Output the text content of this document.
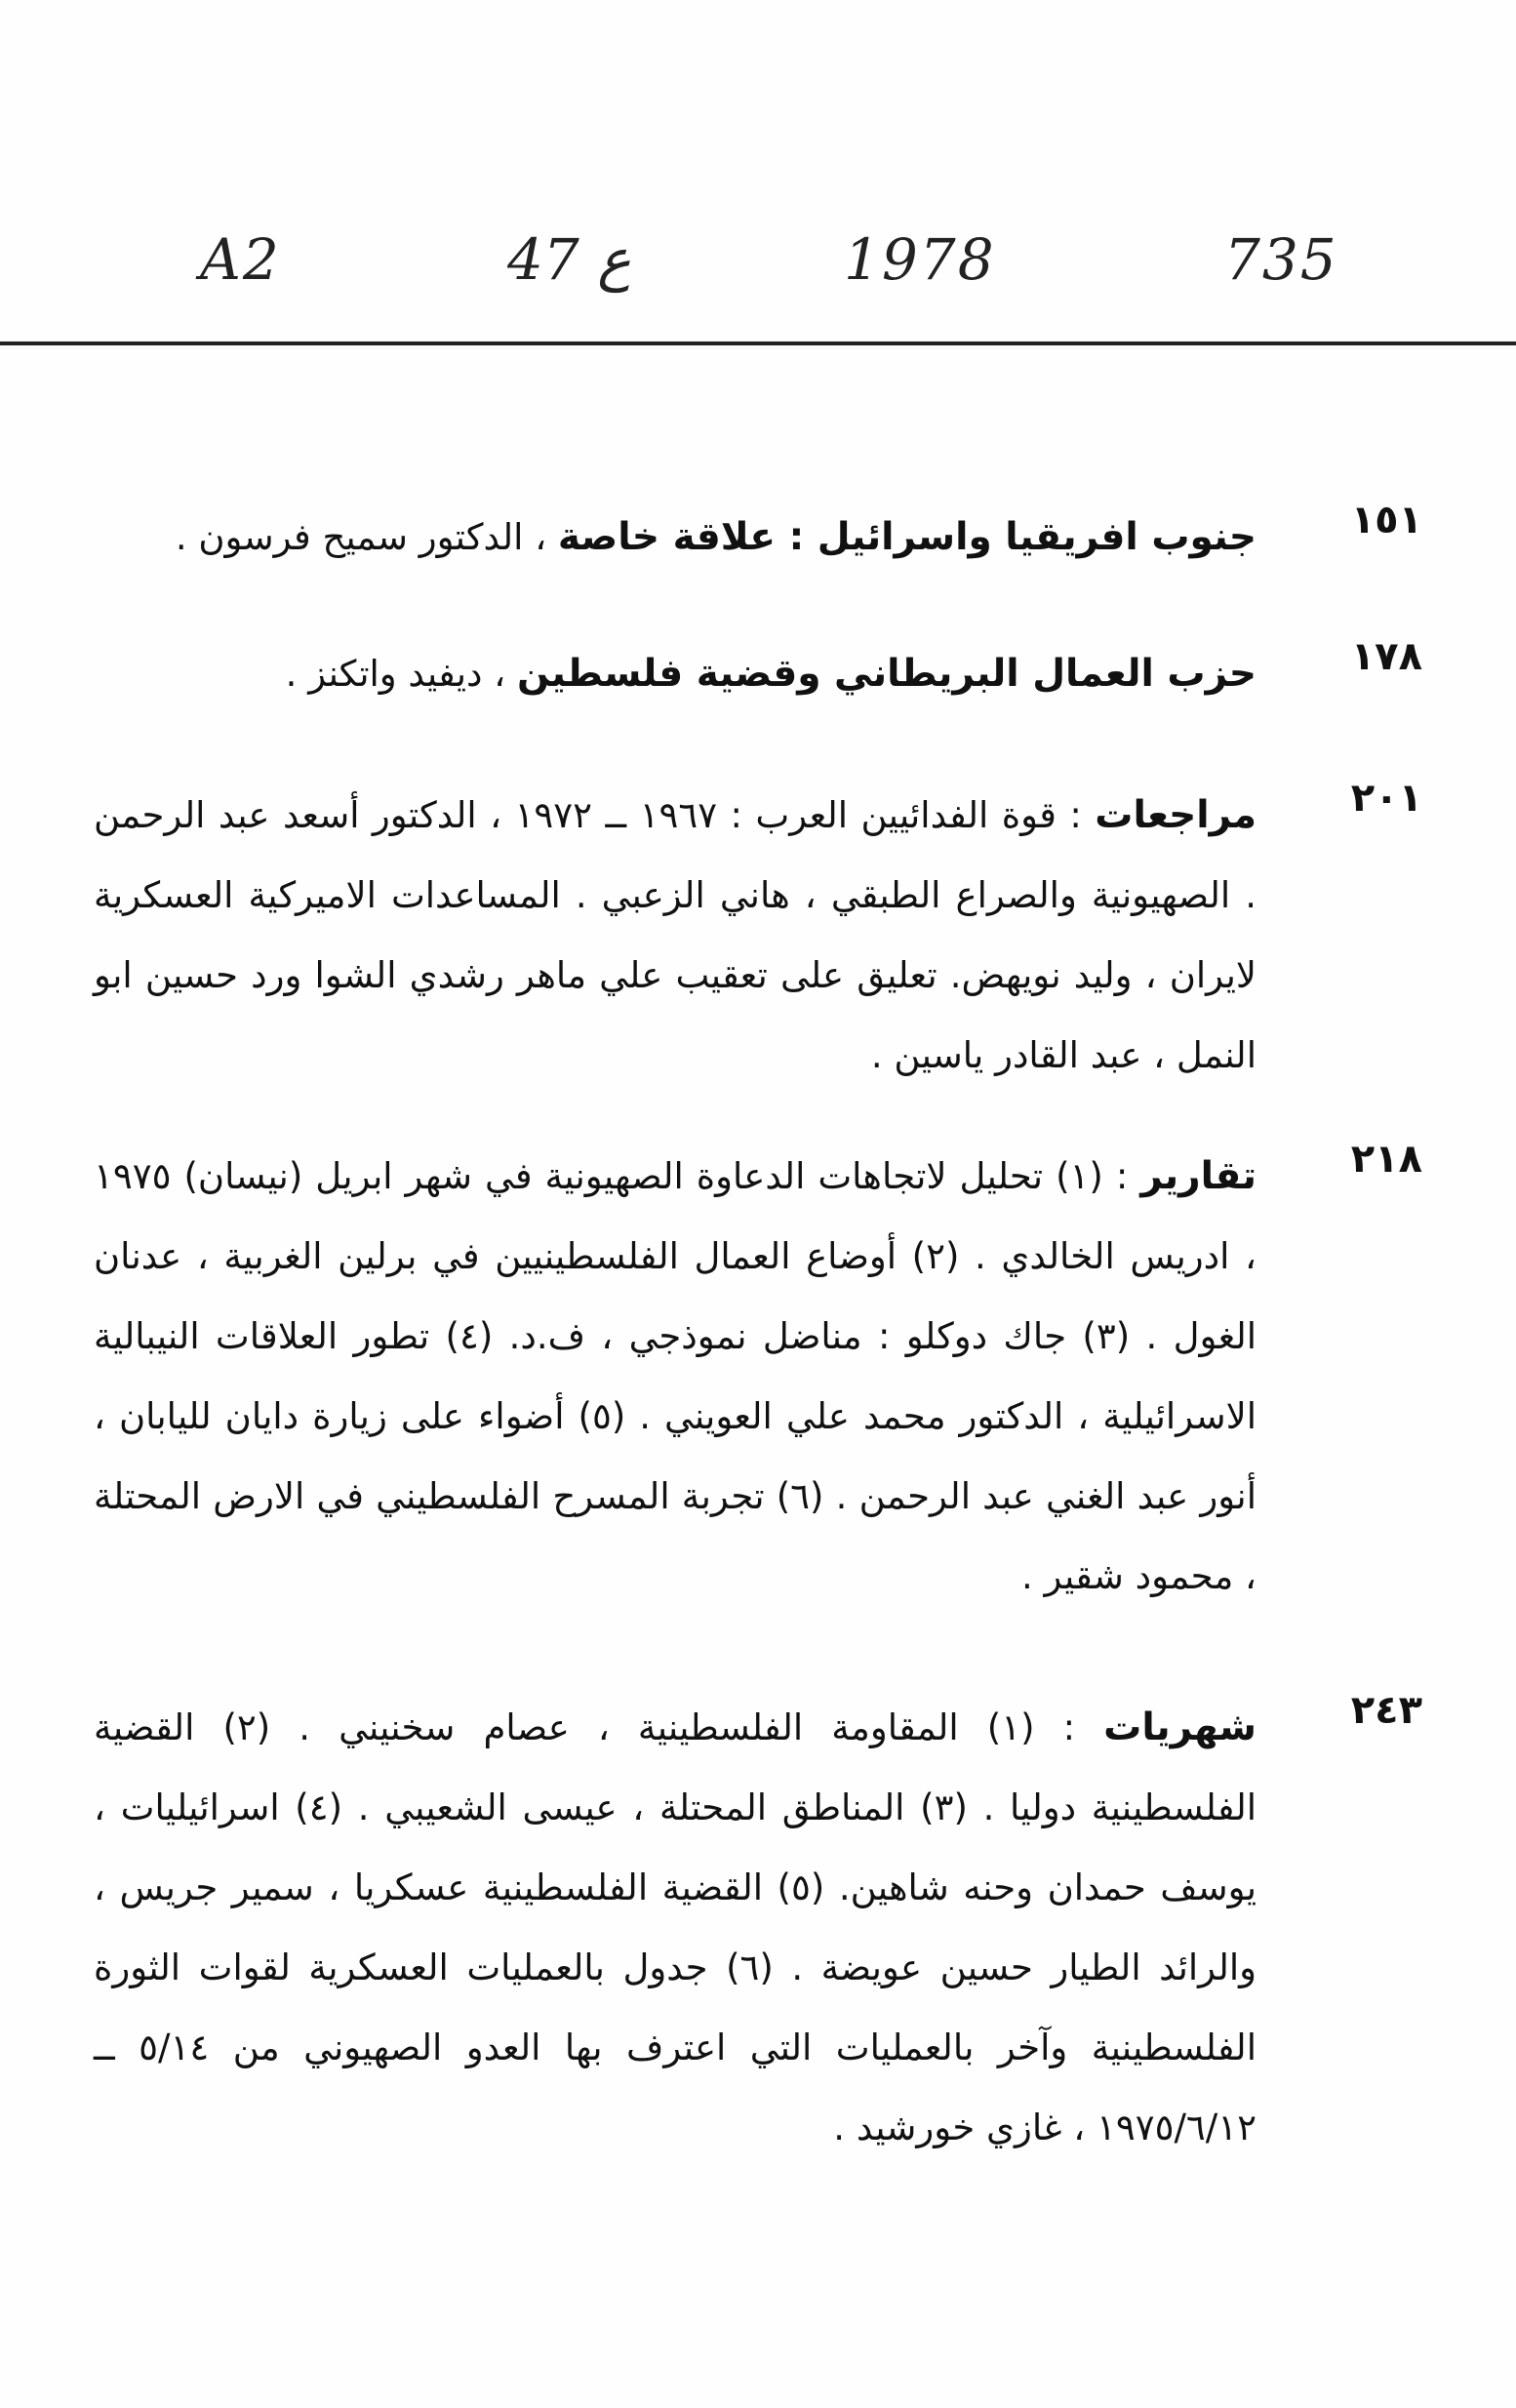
A2	47 ع	1978	735
١٥١
جنوب افريقيا واسرائيل : علاقة خاصة ، الدكتور سميح فرسون .
١٧٨
حزب العمال البريطاني وقضية فلسطين ، ديفيد واتكنز .
٢٠١
مراجعات : قوة الفدائيين العرب : ١٩٦٧ ــ ١٩٧٢ ، الدكتور أسعد عبد الرحمن . الصهيونية والصراع الطبقي ، هاني الزعبي . المساعدات الاميركية العسكرية لايران ، وليد نويهض. تعليق على تعقيب علي ماهر رشدي الشوا ورد حسين ابو النمل ، عبد القادر ياسين .
٢١٨
تقارير : (١) تحليل لاتجاهات الدعاوة الصهيونية في شهر ابريل (نيسان) ١٩٧٥ ، ادريس الخالدي . (٢) أوضاع العمال الفلسطينيين في برلين الغربية ، عدنان الغول . (٣) جاك دوكلو : مناضل نموذجي ، ف.د. (٤) تطور العلاقات النيبالية الاسرائيلية ، الدكتور محمد علي العويني . (٥) أضواء على زيارة دايان لليابان ، أنور عبد الغني عبد الرحمن . (٦) تجربة المسرح الفلسطيني في الارض المحتلة ، محمود شقير .
٢٤٣
شهريات : (١) المقاومة الفلسطينية ، عصام سخنيني . (٢) القضية الفلسطينية دوليا . (٣) المناطق المحتلة ، عيسى الشعيبي . (٤) اسرائيليات ، يوسف حمدان وحنه شاهين. (٥) القضية الفلسطينية عسكريا ، سمير جريس ، والرائد الطيار حسين عويضة . (٦) جدول بالعمليات العسكرية لقوات الثورة الفلسطينية وآخر بالعمليات التي اعترف بها العدو الصهيوني من ٥/١٤ ــ ١٩٧٥/٦/١٢ ، غازي خورشيد .
